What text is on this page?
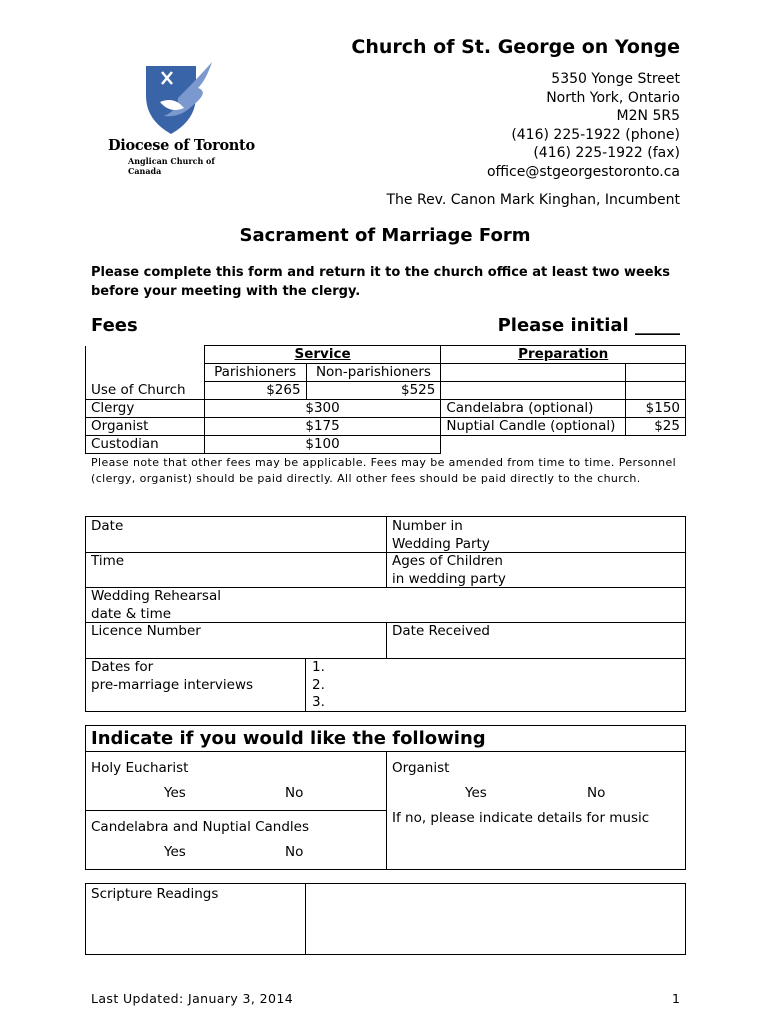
Church of St. George on Yonge
5350 Yonge Street
North York, Ontario
M2N 5R5
(416) 225-1922 (phone)
(416) 225-1922 (fax)
office@stgeorgestoronto.ca
The Rev. Canon Mark Kinghan, Incumbent
Diocese of Toronto
Anglican Church of Canada
Sacrament of Marriage Form
Please complete this form and return it to the church office at least two weeks before your meeting with the clergy.
Fees	Please initial _____
	Service		Preparation	
	Parishioners	Non-parishioners		
Use of Church	$265	$525		
Clergy	$300		Candelabra (optional)	$150
Organist	$175		Nuptial Candle (optional)	$25
Custodian	$100			
Please note that other fees may be applicable. Fees may be amended from time to time. Personnel (clergy, organist) should be paid directly. All other fees should be paid directly to the church.
Date	Number in
Wedding Party
Time	Ages of Children
in wedding party
Wedding Rehearsal
date & time
Licence Number	Date Received
Dates for
pre-marriage interviews
1.
2.
3.
Indicate if you would like the following
Holy Eucharist
Yes	No
Candelabra and Nuptial Candles
Yes	No
Organist
Yes	No
If no, please indicate details for music
Scripture Readings
Last Updated: January 3, 2014	1
